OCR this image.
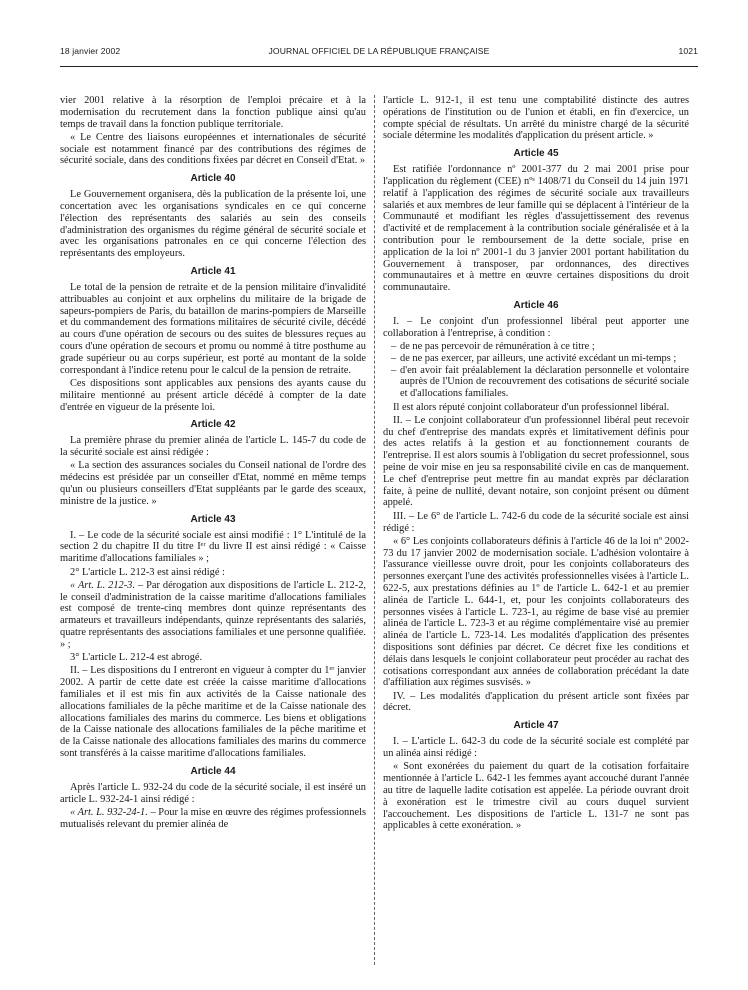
18 janvier 2002	JOURNAL OFFICIEL DE LA RÉPUBLIQUE FRANÇAISE	1021

vier 2001 relative à la résorption de l'emploi précaire et à la modernisation du recrutement dans la fonction publique ainsi qu'au temps de travail dans la fonction publique territoriale.

« Le Centre des liaisons européennes et internationales de sécurité sociale est notamment financé par des contributions des régimes de sécurité sociale, dans des conditions fixées par décret en Conseil d'Etat. »

Article 40

Le Gouvernement organisera, dès la publication de la présente loi, une concertation avec les organisations syndicales en ce qui concerne l'élection des représentants des salariés au sein des conseils d'administration des organismes du régime général de sécurité sociale et avec les organisations patronales en ce qui concerne l'élection des représentants des employeurs.

Article 41

Le total de la pension de retraite et de la pension militaire d'invalidité attribuables au conjoint et aux orphelins du militaire de la brigade de sapeurs-pompiers de Paris, du bataillon de marins-pompiers de Marseille et du commandement des formations militaires de sécurité civile, décédé au cours d'une opération de secours ou des suites de blessures reçues au cours d'une opération de secours et promu ou nommé à titre posthume au grade supérieur ou au corps supérieur, est porté au montant de la solde correspondant à l'indice retenu pour le calcul de la pension de retraite.

Ces dispositions sont applicables aux pensions des ayants cause du militaire mentionné au présent article décédé à compter de la date d'entrée en vigueur de la présente loi.

Article 42

La première phrase du premier alinéa de l'article L. 145-7 du code de la sécurité sociale est ainsi rédigée :

« La section des assurances sociales du Conseil national de l'ordre des médecins est présidée par un conseiller d'Etat, nommé en même temps qu'un ou plusieurs conseillers d'Etat suppléants par le garde des sceaux, ministre de la justice. »

Article 43

I. – Le code de la sécurité sociale est ainsi modifié : 1° L'intitulé de la section 2 du chapitre II du titre Iᵉʳ du livre II est ainsi rédigé : « Caisse maritime d'allocations familiales » ;

2° L'article L. 212-3 est ainsi rédigé :

« Art. L. 212-3. – Par dérogation aux dispositions de l'article L. 212-2, le conseil d'administration de la caisse maritime d'allocations familiales est composé de trente-cinq membres dont quinze représentants des armateurs et travailleurs indépendants, quinze représentants des salariés, quatre représentants des associations familiales et une personne qualifiée. » ;

3° L'article L. 212-4 est abrogé.

II. – Les dispositions du I entreront en vigueur à compter du 1ᵉʳ janvier 2002. A partir de cette date est créée la caisse maritime d'allocations familiales et il est mis fin aux activités de la Caisse nationale des allocations familiales de la pêche maritime et de la Caisse nationale des allocations familiales des marins du commerce. Les biens et obligations de la Caisse nationale des allocations familiales de la pêche maritime et de la Caisse nationale des allocations familiales des marins du commerce sont transférés à la caisse maritime d'allocations familiales.

Article 44

Après l'article L. 932-24 du code de la sécurité sociale, il est inséré un article L. 932-24-1 ainsi rédigé :

« Art. L. 932-24-1. – Pour la mise en œuvre des régimes professionnels mutualisés relevant du premier alinéa de

l'article L. 912-1, il est tenu une comptabilité distincte des autres opérations de l'institution ou de l'union et établi, en fin d'exercice, un compte spécial de résultats. Un arrêté du ministre chargé de la sécurité sociale détermine les modalités d'application du présent article. »

Article 45

Est ratifiée l'ordonnance nº 2001-377 du 2 mai 2001 prise pour l'application du règlement (CEE) nºˢ 1408/71 du Conseil du 14 juin 1971 relatif à l'application des régimes de sécurité sociale aux travailleurs salariés et aux membres de leur famille qui se déplacent à l'intérieur de la Communauté et modifiant les règles d'assujettissement des revenus d'activité et de remplacement à la contribution sociale généralisée et à la contribution pour le remboursement de la dette sociale, prise en application de la loi nº 2001-1 du 3 janvier 2001 portant habilitation du Gouvernement à transposer, par ordonnances, des directives communautaires et à mettre en œuvre certaines dispositions du droit communautaire.

Article 46

I. – Le conjoint d'un professionnel libéral peut apporter une collaboration à l'entreprise, à condition :

– de ne pas percevoir de rémunération à ce titre ;
– de ne pas exercer, par ailleurs, une activité excédant un mi-temps ;
– d'en avoir fait préalablement la déclaration personnelle et volontaire auprès de l'Union de recouvrement des cotisations de sécurité sociale et d'allocations familiales.

Il est alors réputé conjoint collaborateur d'un professionnel libéral.

II. – Le conjoint collaborateur d'un professionnel libéral peut recevoir du chef d'entreprise des mandats exprès et limitativement définis pour des actes relatifs à la gestion et au fonctionnement courants de l'entreprise. Il est alors soumis à l'obligation du secret professionnel, sous peine de voir mise en jeu sa responsabilité civile en cas de manquement. Le chef d'entreprise peut mettre fin au mandat exprès par déclaration faite, à peine de nullité, devant notaire, son conjoint présent ou dûment appelé.

III. – Le 6° de l'article L. 742-6 du code de la sécurité sociale est ainsi rédigé :

« 6° Les conjoints collaborateurs définis à l'article 46 de la loi nº 2002-73 du 17 janvier 2002 de modernisation sociale. L'adhésion volontaire à l'assurance vieillesse ouvre droit, pour les conjoints collaborateurs des personnes exerçant l'une des activités professionnelles visées à l'article L. 622-5, aux prestations définies au 1º de l'article L. 642-1 et au premier alinéa de l'article L. 644-1, et, pour les conjoints collaborateurs des personnes visées à l'article L. 723-1, au régime de base visé au premier alinéa de l'article L. 723-3 et au régime complémentaire visé au premier alinéa de l'article L. 723-14. Les modalités d'application des présentes dispositions sont définies par décret. Ce décret fixe les conditions et délais dans lesquels le conjoint collaborateur peut procéder au rachat des cotisations correspondant aux années de collaboration précédant la date d'affiliation aux régimes susvisés. »

IV. – Les modalités d'application du présent article sont fixées par décret.

Article 47

I. – L'article L. 642-3 du code de la sécurité sociale est complété par un alinéa ainsi rédigé :

« Sont exonérées du paiement du quart de la cotisation forfaitaire mentionnée à l'article L. 642-1 les femmes ayant accouché durant l'année au titre de laquelle ladite cotisation est appelée. La période ouvrant droit à exonération est le trimestre civil au cours duquel survient l'accouchement. Les dispositions de l'article L. 131-7 ne sont pas applicables à cette exonération. »
